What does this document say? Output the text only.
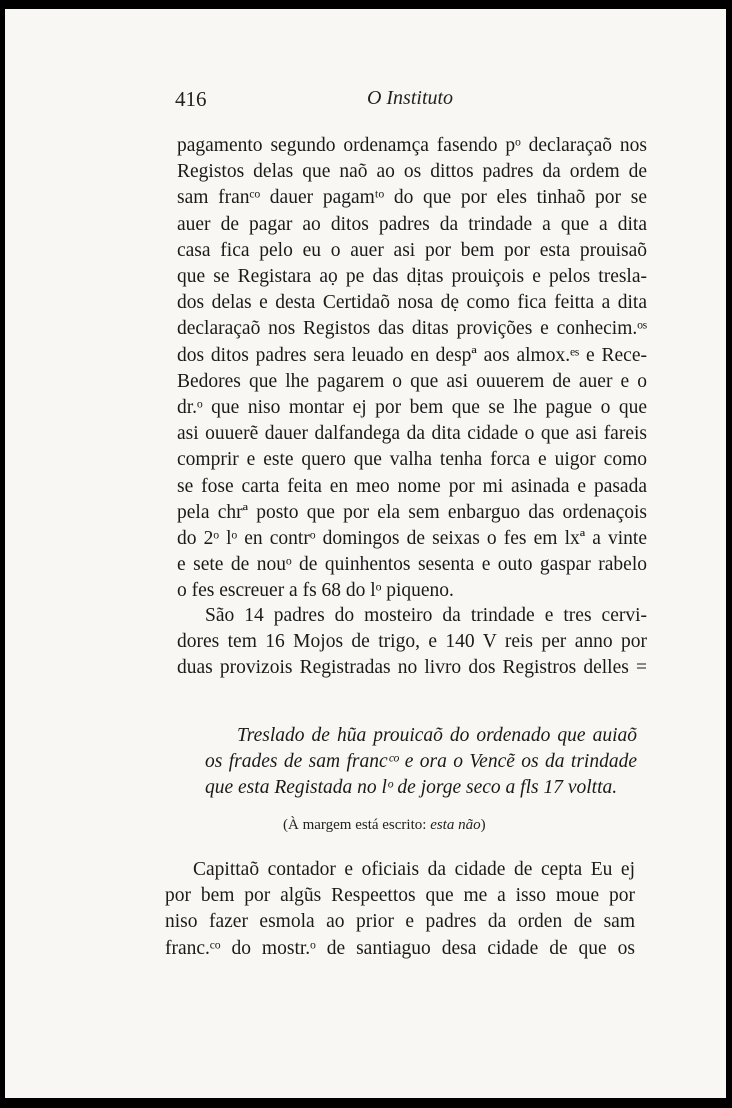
416	O Instituto
pagamento segundo ordenamça fasendo pᵒ declaraçaõ nos
Registos delas que naõ ao os dittos padres da ordem de
sam franᶜᵒ dauer pagamᵗᵒ do que por eles tinhaõ por se
auer de pagar ao ditos padres da trindade a que a dita
casa fica pelo eu o auer asi por bem por esta prouisaõ
que se Registara aọ pe das dịtas prouiçois e pelos tresla-
dos delas e desta Certidaõ nosa dẹ como fica feitta a dita
declaraçaõ nos Registos das ditas provições e conhecim.ᵒˢ
dos ditos padres sera leuado en despª aos almox.ᵉˢ e Rece-
Bedores que lhe pagarem o que asi ouuerem de auer e o
dr.ᵒ que niso montar ej por bem que se lhe pague o que
asi ouuerẽ dauer dalfandega da dita cidade o que asi fareis
comprir e este quero que valha tenha forca e uigor como
se fose carta feita en meo nome por mi asinada e pasada
pela chrª posto que por ela sem enbarguo das ordenaçois
do 2ᵒ lᵒ en contrᵒ domingos de seixas o fes em lxª a vinte
e sete de nouᵒ de quinhentos sesenta e outo gaspar rabelo
o fes escreuer a fs 68 do lᵒ piqueno.
São 14 padres do mosteiro da trindade e tres cervi-
dores tem 16 Mojos de trigo, e 140 V reis per anno por
duas provizois Registradas no livro dos Registros delles =
Treslado de hũa prouicaõ do ordenado que auiaõ
os frades de sam francᶜᵒ e ora o Vencẽ os da trindade
que esta Registada no lᵒ de jorge seco a fls 17 voltta.
(À margem está escrito: esta não)
Capittaõ contador e oficiais da cidade de cepta Eu ej
por bem por algũs Respeettos que me a isso moue por
niso fazer esmola ao prior e padres da orden de sam
franc.ᶜᵒ do mostr.ᵒ de santiaguo desa cidade de que os
